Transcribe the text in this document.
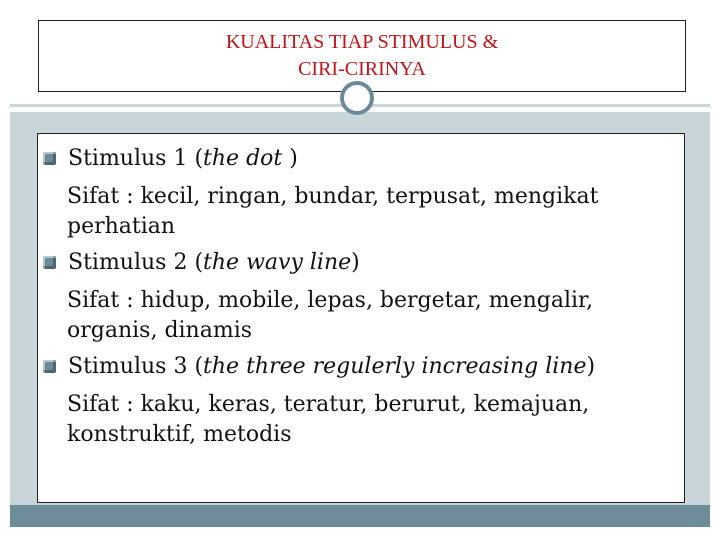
KUALITAS TIAP STIMULUS &
CIRI-CIRINYA
Stimulus 1 (the dot )
Sifat : kecil, ringan, bundar, terpusat, mengikat
perhatian
Stimulus 2 (the wavy line)
Sifat : hidup, mobile, lepas, bergetar, mengalir,
organis, dinamis
Stimulus 3 (the three regulerly increasing line)
Sifat : kaku, keras, teratur, berurut, kemajuan,
konstruktif, metodis
